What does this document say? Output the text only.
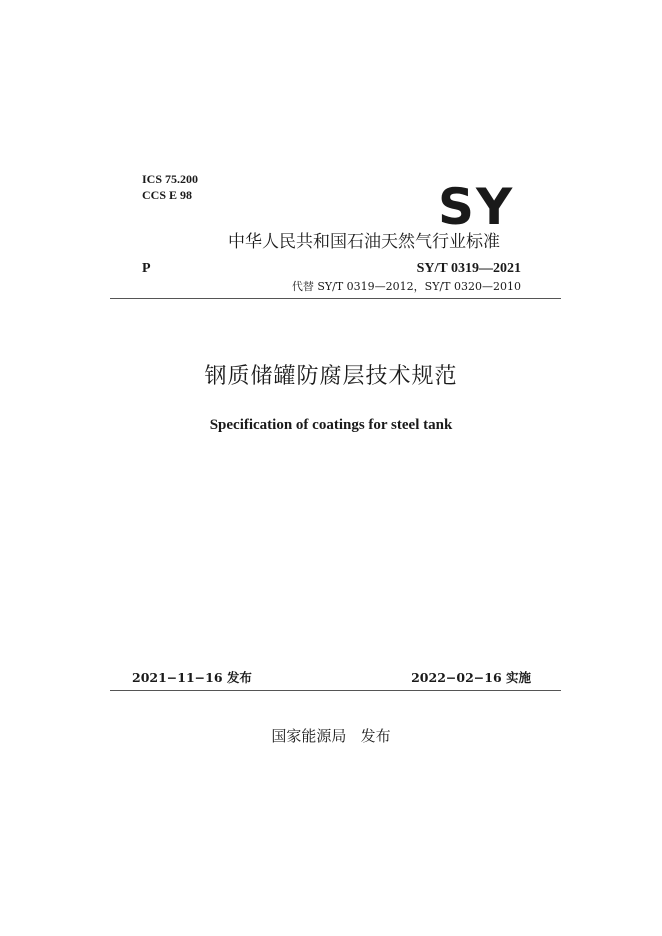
ICS 75.200
CCS E 98	SY
中华人民共和国石油天然气行业标准
P	SY/T 0319—2021
代替 SY/T 0319—2012，SY/T 0320—2010
钢质储罐防腐层技术规范
Specification of coatings for steel tank
2021−11−16 发布	2022−02−16 实施
国家能源局   发布
